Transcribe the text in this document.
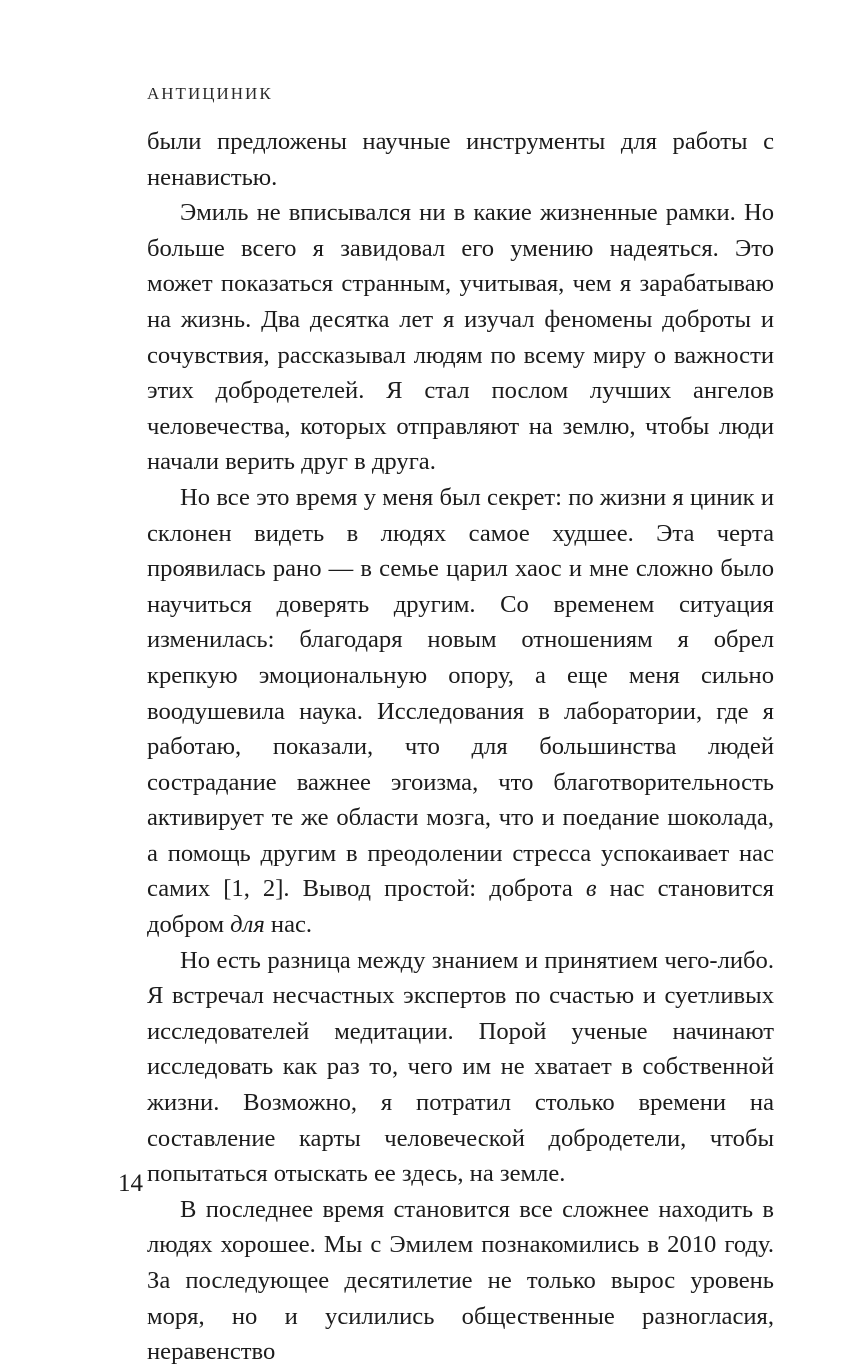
АНТИЦИНИК

были предложены научные инструменты для работы с ненавистью.

Эмиль не вписывался ни в какие жизненные рамки. Но больше всего я завидовал его умению надеяться. Это может показаться странным, учитывая, чем я зарабатываю на жизнь. Два десятка лет я изучал феномены доброты и сочувствия, рассказывал людям по всему миру о важности этих добродетелей. Я стал послом лучших ангелов человечества, которых отправляют на землю, чтобы люди начали верить друг в друга.

Но все это время у меня был секрет: по жизни я циник и склонен видеть в людях самое худшее. Эта черта проявилась рано — в семье царил хаос и мне сложно было научиться доверять другим. Со временем ситуация изменилась: благодаря новым отношениям я обрел крепкую эмоциональную опору, а еще меня сильно воодушевила наука. Исследования в лаборатории, где я работаю, показали, что для большинства людей сострадание важнее эгоизма, что благотворительность активирует те же области мозга, что и поедание шоколада, а помощь другим в преодолении стресса успокаивает нас самих [1, 2]. Вывод простой: доброта в нас становится добром для нас.

Но есть разница между знанием и принятием чего-либо. Я встречал несчастных экспертов по счастью и суетливых исследователей медитации. Порой ученые начинают исследовать как раз то, чего им не хватает в собственной жизни. Возможно, я потратил столько времени на составление карты человеческой добродетели, чтобы попытаться отыскать ее здесь, на земле.

В последнее время становится все сложнее находить в людях хорошее. Мы с Эмилем познакомились в 2010 году. За последующее десятилетие не только вырос уровень моря, но и усилились общественные разногласия, неравенство

14
